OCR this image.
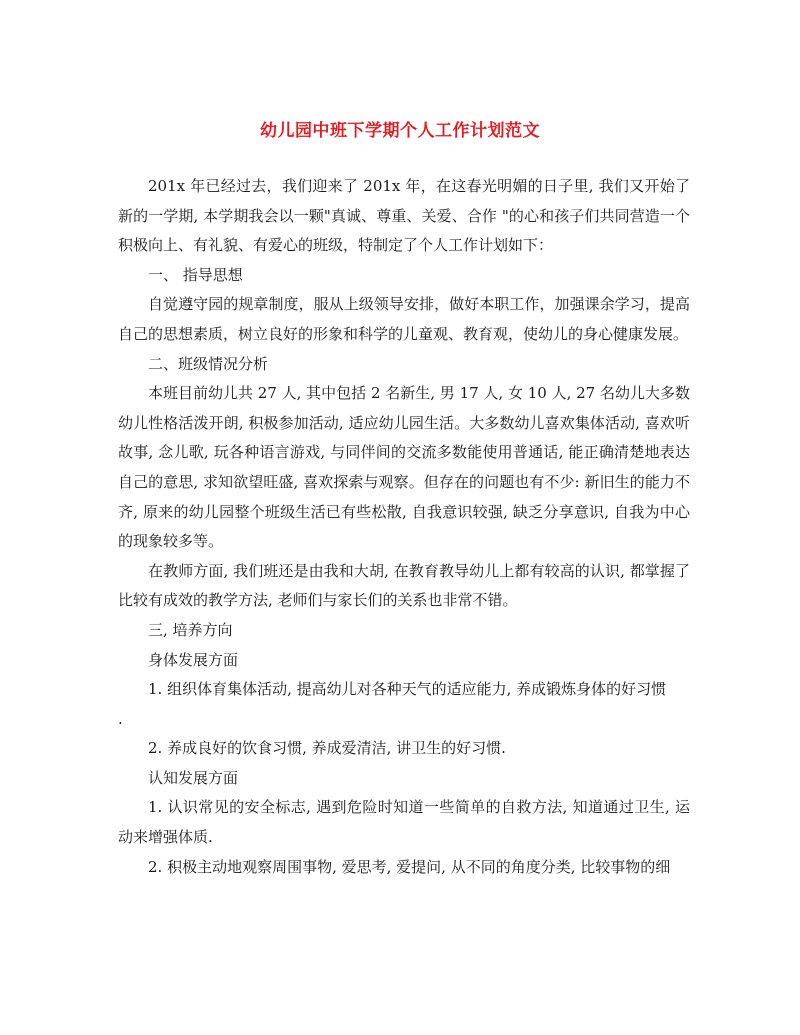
幼儿园中班下学期个人工作计划范文

201x 年已经过去，我们迎来了 201x 年，在这春光明媚的日子里, 我们又开始了新的一学期, 本学期我会以一颗"真诚、尊重、关爱、合作 "的心和孩子们共同营造一个积极向上、有礼貌、有爱心的班级，特制定了个人工作计划如下：

一、 指导思想

自觉遵守园的规章制度，服从上级领导安排，做好本职工作，加强课余学习，提高自己的思想素质，树立良好的形象和科学的儿童观、教育观，使幼儿的身心健康发展。

二、班级情况分析

本班目前幼儿共 27 人, 其中包括 2 名新生, 男 17 人, 女 10 人, 27 名幼儿大多数幼儿性格活泼开朗, 积极参加活动, 适应幼儿园生活。大多数幼儿喜欢集体活动, 喜欢听故事, 念儿歌, 玩各种语言游戏, 与同伴间的交流多数能使用普通话, 能正确清楚地表达自己的意思, 求知欲望旺盛, 喜欢探索与观察。但存在的问题也有不少: 新旧生的能力不齐, 原来的幼儿园整个班级生活已有些松散, 自我意识较强, 缺乏分享意识, 自我为中心的现象较多等。

在教师方面, 我们班还是由我和大胡, 在教育教导幼儿上都有较高的认识, 都掌握了比较有成效的教学方法, 老师们与家长们的关系也非常不错。

三, 培养方向

身体发展方面

1. 组织体育集体活动, 提高幼儿对各种天气的适应能力, 养成锻炼身体的好习惯

.

2. 养成良好的饮食习惯, 养成爱清洁, 讲卫生的好习惯.

认知发展方面

1. 认识常见的安全标志, 遇到危险时知道一些简单的自救方法, 知道通过卫生, 运动来增强体质.

2. 积极主动地观察周围事物, 爱思考, 爱提问, 从不同的角度分类, 比较事物的细
